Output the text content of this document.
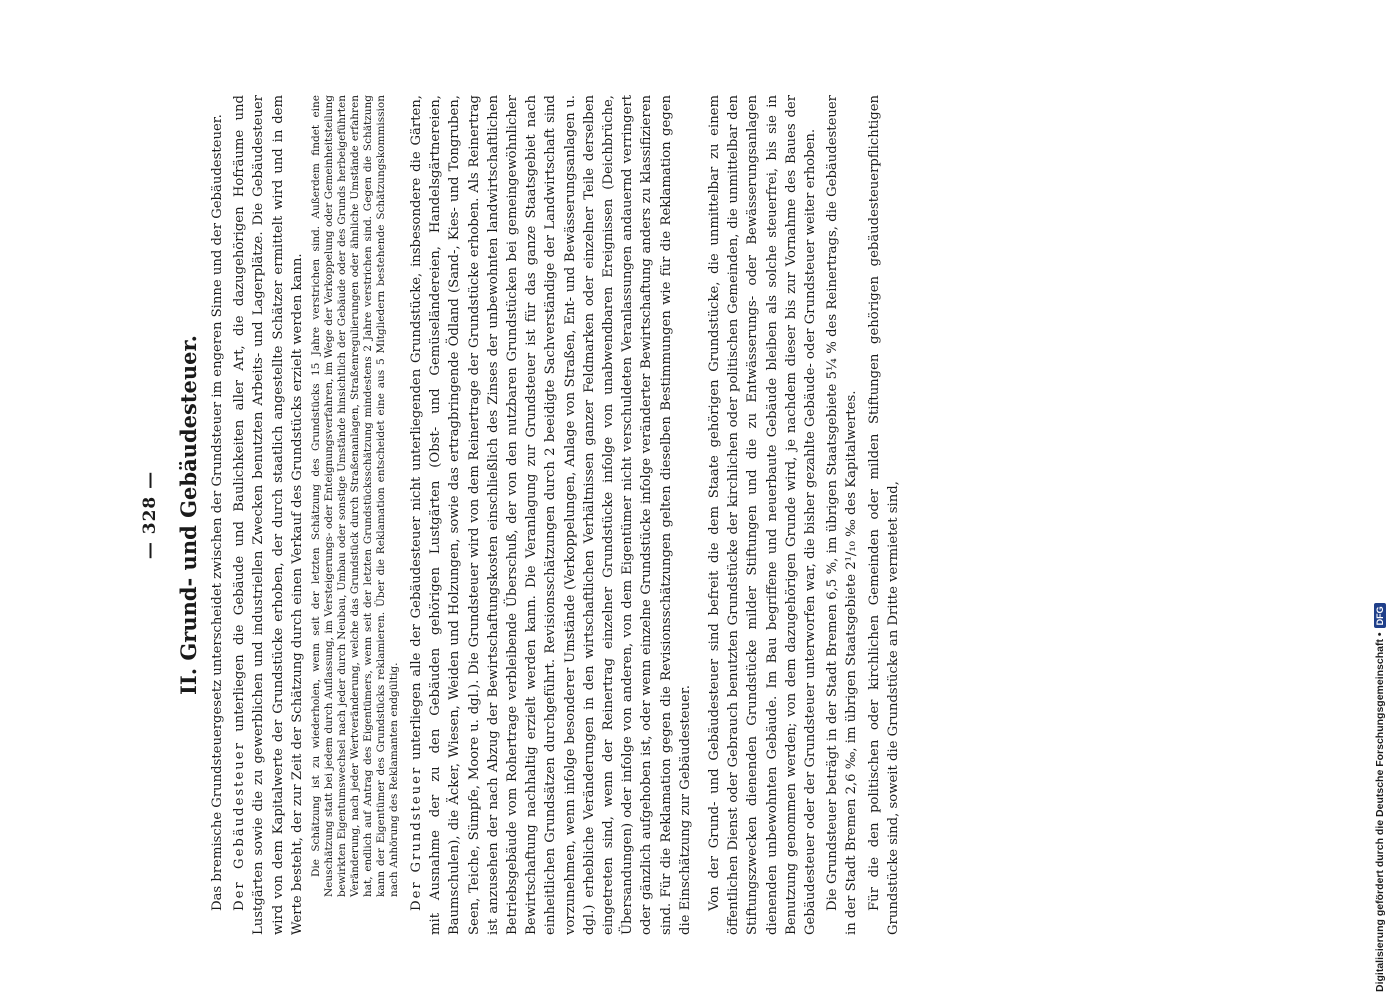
— 328 — II. Grund- und Gebäudesteuer. Das bremische Grundsteuergesetz unterscheidet zwischen der Grundsteuer im engeren Sinne und der Gebäudesteuer. Der Gebäudesteuer unterliegen die Gebäude und Baulichkeiten aller Art, die dazugehörigen Hofräume und Lustgärten sowie die zu gewerblichen und industriellen Zwecken benutzten Arbeits- und Lagerplätze. Die Gebäudesteuer wird von dem Kapitalwerte der Grundstücke erhoben, der durch staatlich angestellte Schätzer ermittelt wird und in dem Werte besteht, der zur Zeit der Schätzung durch einen Verkauf des Grundstücks erzielt werden kann. Die Schätzung ist zu wiederholen, wenn seit der letzten Schätzung des Grundstücks 15 Jahre verstrichen sind. Außerdem findet eine Neuschätzung statt bei jedem durch Auflassung, im Versteigerungs- oder Enteignungsverfahren, im Wege der Verkoppelung oder Gemeinheitsteilung bewirkten Eigentumswechsel nach jeder durch Neubau, Umbau oder sonstige Umstände hinsichtlich der Gebäude oder des Grunds herbeigeführten Veränderung, nach jeder Wertveränderung, welche das Grundstück durch Straßenanlagen, Straßenregulierungen oder ähnliche Umstände erfahren hat, endlich auf Antrag des Eigentümers, wenn seit der letzten Grundstücksschätzung mindestens 2 Jahre verstrichen sind. Gegen die Schätzung kann der Eigentümer des Grundstücks reklamieren. Über die Reklamation entscheidet eine aus 5 Mitgliedern bestehende Schätzungskommission nach Anhörung des Reklamanten endgültig. Der Grundsteuer unterliegen alle der Gebäudesteuer nicht unterliegenden Grundstücke, insbesondere die Gärten, mit Ausnahme der zu den Gebäuden gehörigen Lustgärten (Obst- und Gemüseländereien, Handelsgärtnereien, Baumschulen), die Äcker, Wiesen, Weiden und Holzungen, sowie das ertragbringende Ödland (Sand-, Kies- und Tongruben, Seen, Teiche, Sümpfe, Moore u. dgl.). Die Grundsteuer wird von dem Reinertrage der Grundstücke erhoben. Als Reinertrag ist anzusehen der nach Abzug der Bewirtschaftungskosten einschließlich des Zinses der unbewohnten landwirtschaftlichen Betriebsgebäude vom Rohertrage verbleibende Überschuß, der von den nutzbaren Grundstücken bei gemeingewöhnlicher Bewirtschaftung nachhaltig erzielt werden kann. Die Veranlagung zur Grundsteuer ist für das ganze Staatsgebiet nach einheitlichen Grundsätzen durchgeführt. Revisionsschätzungen durch 2 beeidigte Sachverständige der Landwirtschaft sind vorzunehmen, wenn infolge besonderer Umstände (Verkoppelungen, Anlage von Straßen, Ent- und Bewässerungsanlagen u. dgl.) erhebliche Veränderungen in den wirtschaftlichen Verhältnissen ganzer Feldmarken oder einzelner Teile derselben eingetreten sind, wenn der Reinertrag einzelner Grundstücke infolge von unabwendbaren Ereignissen (Deichbrüche, Übersandungen) oder infolge von anderen, von dem Eigentümer nicht verschuldeten Veranlassungen andauernd verringert oder gänzlich aufgehoben ist, oder wenn einzelne Grundstücke infolge veränderter Bewirtschaftung anders zu klassifizieren sind. Für die Reklamation gegen die Revisionsschätzungen gelten dieselben Bestimmungen wie für die Reklamation gegen die Einschätzung zur Gebäudesteuer. Von der Grund- und Gebäudesteuer sind befreit die dem Staate gehörigen Grundstücke, die unmittelbar zu einem öffentlichen Dienst oder Gebrauch benutzten Grundstücke der kirchlichen oder politischen Gemeinden, die unmittelbar den Stiftungszwecken dienenden Grundstücke milder Stiftungen und die zu Entwässerungs- oder Bewässerungsanlagen dienenden unbewohnten Gebäude. Im Bau begriffene und neuerbaute Gebäude bleiben als solche steuerfrei, bis sie in Benutzung genommen werden; von dem dazugehörigen Grunde wird, je nachdem dieser bis zur Vornahme des Baues der Gebäudesteuer oder der Grundsteuer unterworfen war, die bisher gezahlte Gebäude- oder Grundsteuer weiter erhoben. Die Grundsteuer beträgt in der Stadt Bremen 6,5 %, im übrigen Staatsgebiete 5¼ % des Reinertrags, die Gebäudesteuer in der Stadt Bremen 2,6 ‰, im übrigen Staatsgebiete 2¹/₁₀ ‰ des Kapitalwertes. Für die den politischen oder kirchlichen Gemeinden oder milden Stiftungen gehörigen gebäudesteuerpflichtigen Grundstücke sind, soweit die Grundstücke an Dritte vermietet sind,	Digitalisierung gefördert durch die Deutsche Forschungsgemeinschaft •
DFG
